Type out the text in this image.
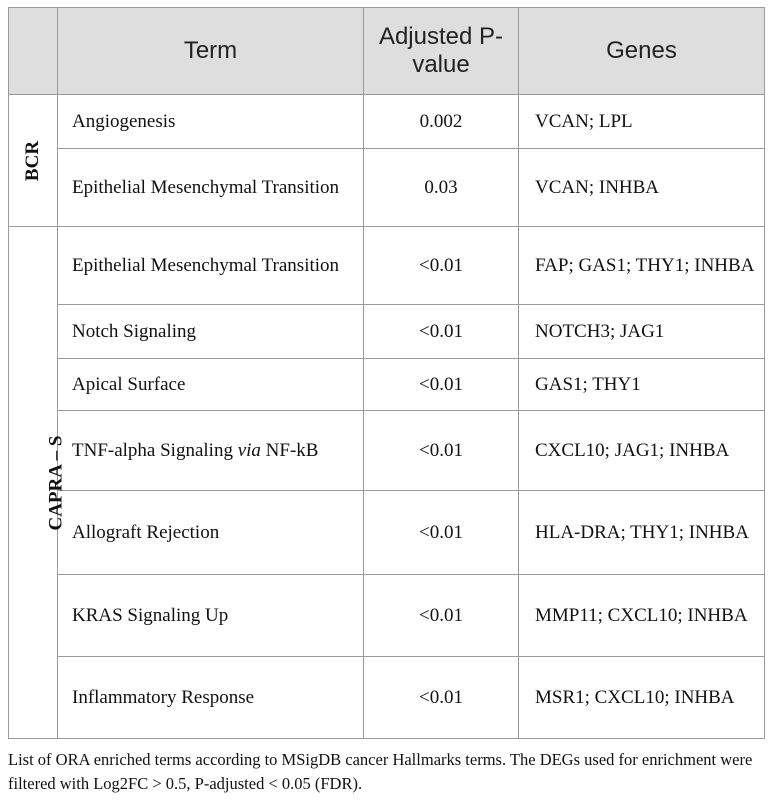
	Term	Adjusted P-value	Genes
BCR	Angiogenesis	0.002	VCAN; LPL
	Epithelial Mesenchymal Transition	0.03	VCAN; INHBA
CAPRA – S	Epithelial Mesenchymal Transition	<0.01	FAP; GAS1; THY1; INHBA
	Notch Signaling	<0.01	NOTCH3; JAG1
	Apical Surface	<0.01	GAS1; THY1
	TNF-alpha Signaling via NF-kB	<0.01	CXCL10; JAG1; INHBA
	Allograft Rejection	<0.01	HLA-DRA; THY1; INHBA
	KRAS Signaling Up	<0.01	MMP11; CXCL10; INHBA
	Inflammatory Response	<0.01	MSR1; CXCL10; INHBA
List of ORA enriched terms according to MSigDB cancer Hallmarks terms. The DEGs used for enrichment were filtered with Log2FC > 0.5, P-adjusted < 0.05 (FDR).
